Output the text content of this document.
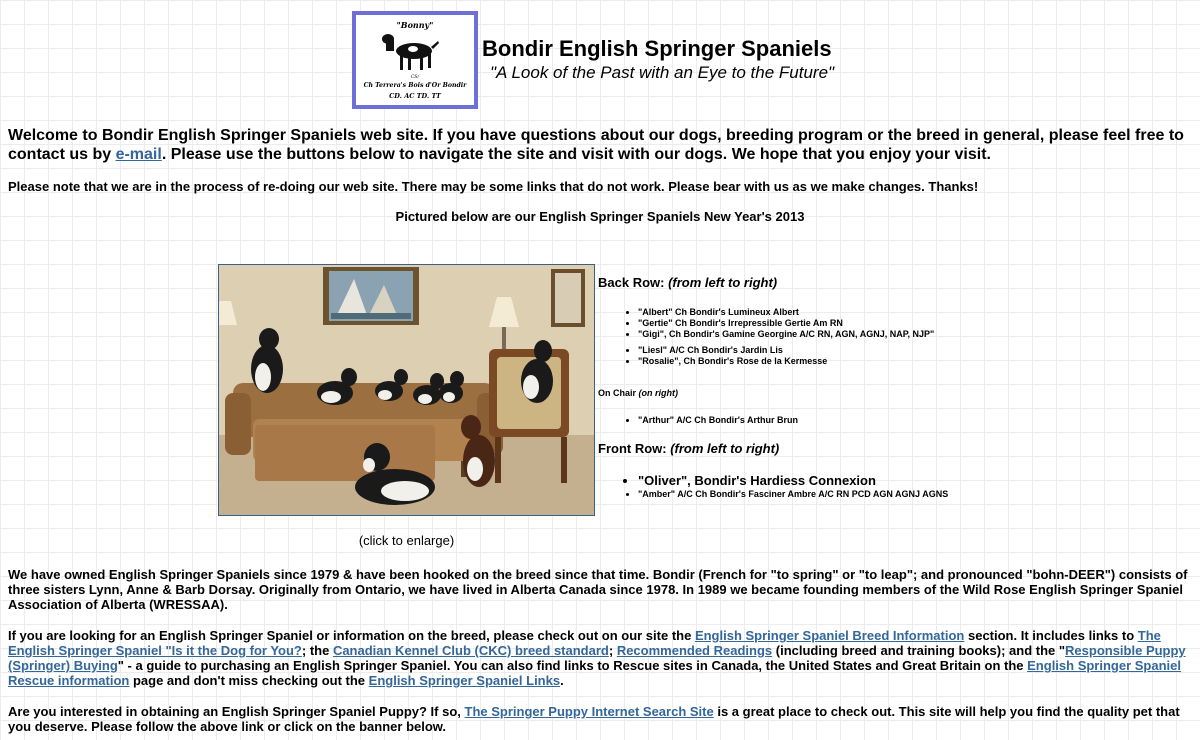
"Bonny"
CS/
Ch Terrera's Bois d'Or Bondir
CD. AC TD. TT
Bondir English Springer Spaniels
"A Look of the Past with an Eye to the Future"

Welcome to Bondir English Springer Spaniels web site. If you have questions about our dogs, breeding program or the breed in general, please feel free to contact us by e-mail. Please use the buttons below to navigate the site and visit with our dogs. We hope that you enjoy your visit.

Please note that we are in the process of re-doing our web site. There may be some links that do not work. Please bear with us as we make changes. Thanks!

Pictured below are our English Springer Spaniels New Year's 2013

(click to enlarge)

Back Row: (from left to right)

• "Albert" Ch Bondir's Lumineux Albert
• "Gertie" Ch Bondir's Irrepressible Gertie Am RN
• "Gigi", Ch Bondir's Gamine Georgine A/C RN, AGN, AGNJ, NAP, NJP"
• "Liesl" A/C Ch Bondir's Jardin Lis
• "Rosalie", Ch Bondir's Rose de la Kermesse

On Chair (on right)

• "Arthur" A/C Ch Bondir's Arthur Brun

Front Row: (from left to right)

• "Oliver", Bondir's Hardiess Connexion
• "Amber" A/C Ch Bondir's Fasciner Ambre A/C RN PCD AGN AGNJ AGNS

We have owned English Springer Spaniels since 1979 & have been hooked on the breed since that time. Bondir (French for "to spring" or "to leap"; and pronounced "bohn-DEER") consists of three sisters Lynn, Anne & Barb Dorsay. Originally from Ontario, we have lived in Alberta Canada since 1978. In 1989 we became founding members of the Wild Rose English Springer Spaniel Association of Alberta (WRESSAA).

If you are looking for an English Springer Spaniel or information on the breed, please check out on our site the English Springer Spaniel Breed Information section. It includes links to The English Springer Spaniel "Is it the Dog for You?; the Canadian Kennel Club (CKC) breed standard; Recommended Readings (including breed and training books); and the "Responsible Puppy (Springer) Buying" - a guide to purchasing an English Springer Spaniel. You can also find links to Rescue sites in Canada, the United States and Great Britain on the English Springer Spaniel Rescue information page and don't miss checking out the English Springer Spaniel Links.

Are you interested in obtaining an English Springer Spaniel Puppy? If so, The Springer Puppy Internet Search Site is a great place to check out. This site will help you find the quality pet that you deserve. Please follow the above link or click on the banner below.
